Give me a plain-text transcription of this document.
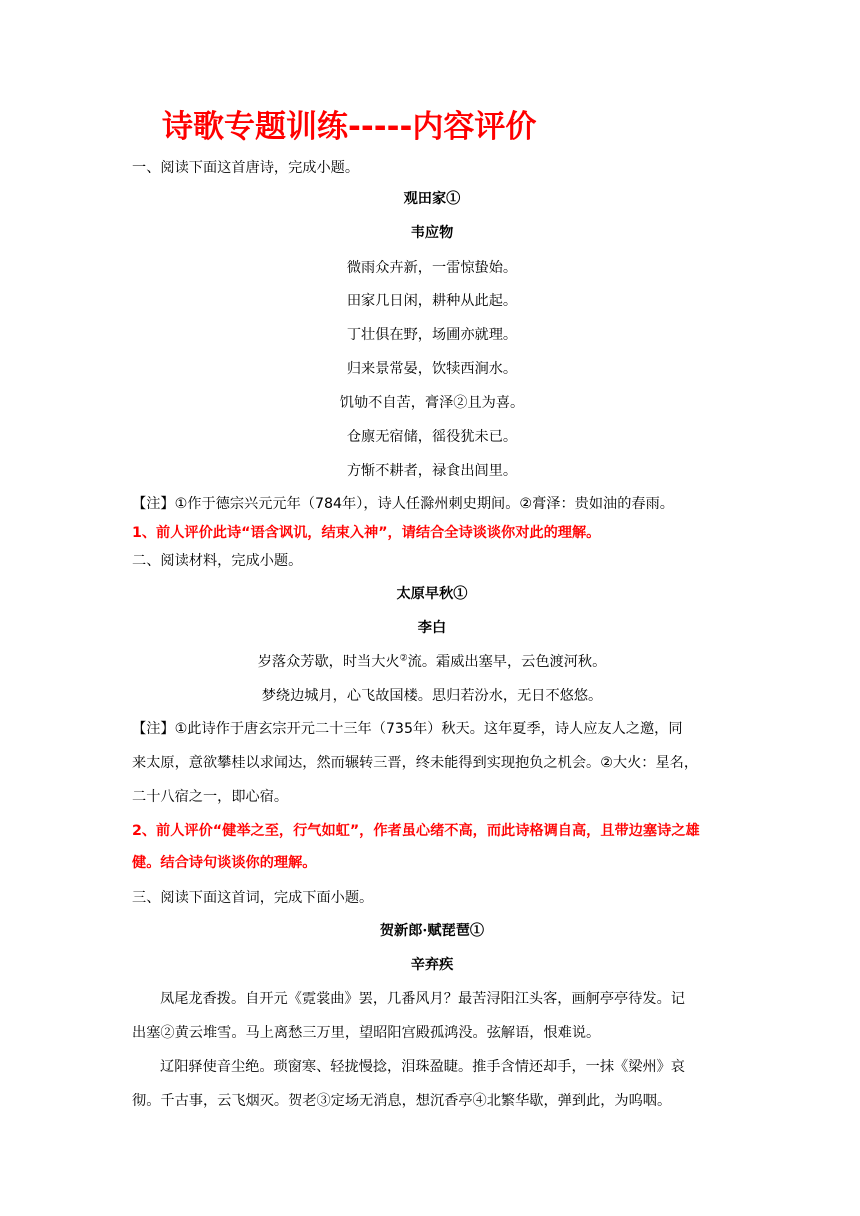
诗歌专题训练-----内容评价
一、阅读下面这首唐诗，完成小题。
观田家①
韦应物
微雨众卉新，一雷惊蛰始。
田家几日闲，耕种从此起。
丁壮俱在野，场圃亦就理。
归来景常晏，饮犊西涧水。
饥劬不自苦，膏泽②且为喜。
仓廪无宿储，徭役犹未已。
方惭不耕者，禄食出闾里。
【注】①作于德宗兴元元年（784年），诗人任滁州刺史期间。②膏泽：贵如油的春雨。
1、前人评价此诗“语含讽讥，结束入神”，请结合全诗谈谈你对此的理解。
二、阅读材料，完成小题。
太原早秋①
李白
岁落众芳歇，时当大火②流。霜威出塞早，云色渡河秋。
梦绕边城月，心飞故国楼。思归若汾水，无日不悠悠。
【注】①此诗作于唐玄宗开元二十三年（735年）秋天。这年夏季，诗人应友人之邀，同
来太原，意欲攀桂以求闻达，然而辗转三晋，终未能得到实现抱负之机会。②大火：星名，
二十八宿之一，即心宿。
2、前人评价“健举之至，行气如虹”，作者虽心绪不高，而此诗格调自高，且带边塞诗之雄
健。结合诗句谈谈你的理解。
三、阅读下面这首词，完成下面小题。
贺新郎·赋琵琶①
辛弃疾
凤尾龙香拨。自开元《霓裳曲》罢，几番风月？最苦浔阳江头客，画舸亭亭待发。记
出塞②黄云堆雪。马上离愁三万里，望昭阳宫殿孤鸿没。弦解语，恨难说。
辽阳驿使音尘绝。琐窗寒、轻拢慢捻，泪珠盈睫。推手含情还却手，一抹《梁州》哀
彻。千古事，云飞烟灭。贺老③定场无消息，想沉香亭④北繁华歇，弹到此，为呜咽。
